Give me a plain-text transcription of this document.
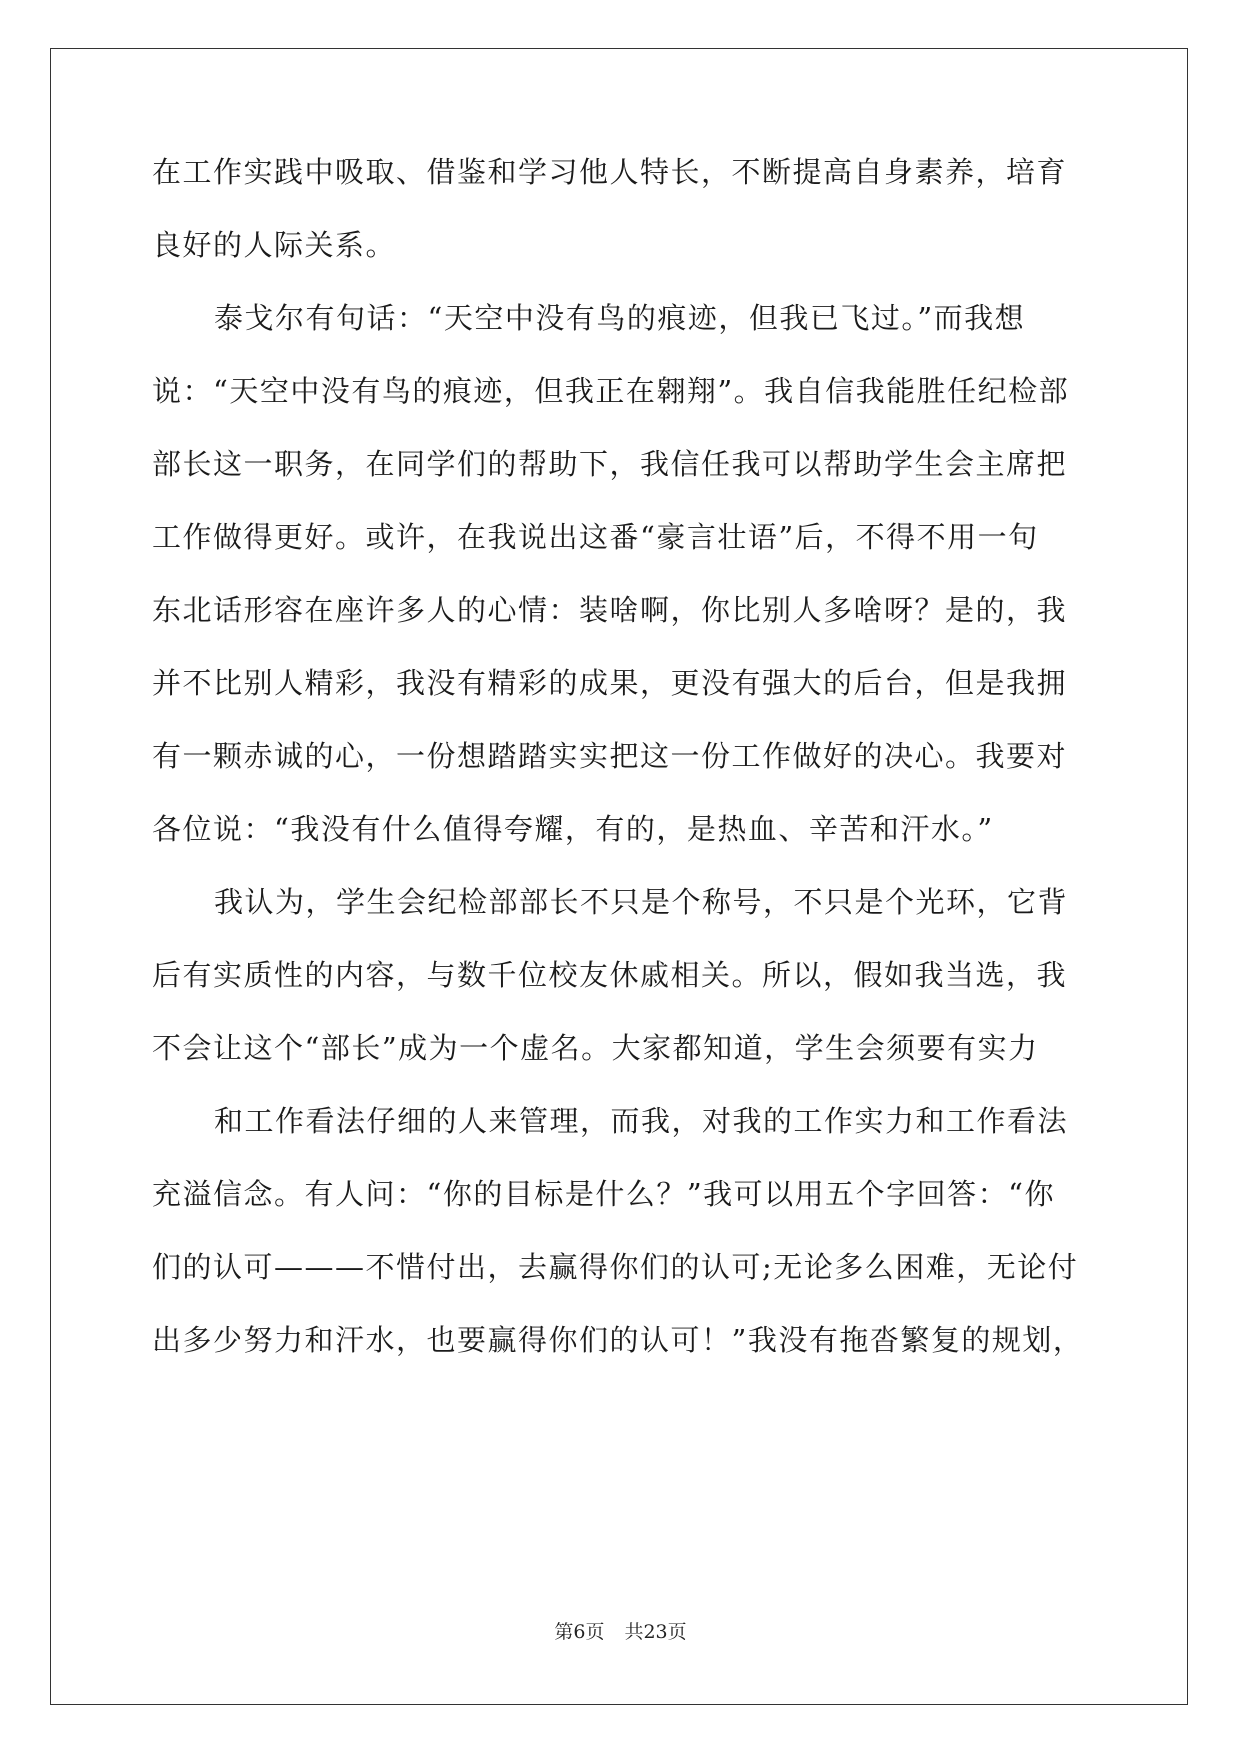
在工作实践中吸取、借鉴和学习他人特长，不断提高自身素养，培育
良好的人际关系。
泰戈尔有句话：“天空中没有鸟的痕迹，但我已飞过。”而我想
说：“天空中没有鸟的痕迹，但我正在翱翔”。我自信我能胜任纪检部
部长这一职务，在同学们的帮助下，我信任我可以帮助学生会主席把
工作做得更好。或许，在我说出这番“豪言壮语”后，不得不用一句
东北话形容在座许多人的心情：装啥啊，你比别人多啥呀？是的，我
并不比别人精彩，我没有精彩的成果，更没有强大的后台，但是我拥
有一颗赤诚的心，一份想踏踏实实把这一份工作做好的决心。我要对
各位说：“我没有什么值得夸耀，有的，是热血、辛苦和汗水。”
我认为，学生会纪检部部长不只是个称号，不只是个光环，它背
后有实质性的内容，与数千位校友休戚相关。所以，假如我当选，我
不会让这个“部长”成为一个虚名。大家都知道，学生会须要有实力
和工作看法仔细的人来管理，而我，对我的工作实力和工作看法
充溢信念。有人问：“你的目标是什么？”我可以用五个字回答：“你
们的认可———不惜付出，去赢得你们的认可;无论多么困难，无论付
出多少努力和汗水，也要赢得你们的认可！”我没有拖沓繁复的规划，
第6页 共23页
